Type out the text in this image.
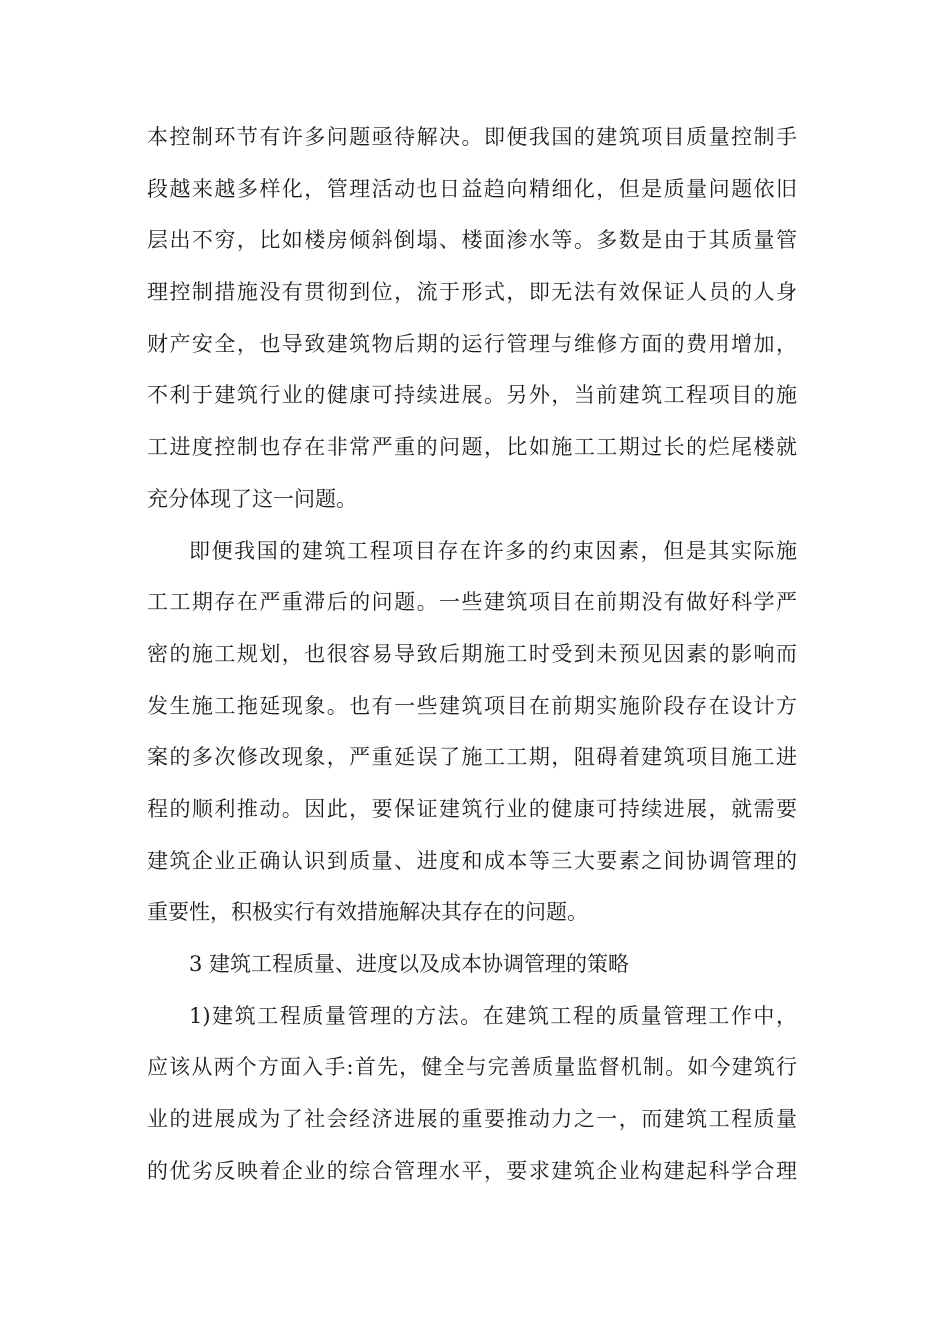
本控制环节有许多问题亟待解决。即便我国的建筑项目质量控制手
段越来越多样化，管理活动也日益趋向精细化，但是质量问题依旧
层出不穷，比如楼房倾斜倒塌、楼面渗水等。多数是由于其质量管
理控制措施没有贯彻到位，流于形式，即无法有效保证人员的人身
财产安全，也导致建筑物后期的运行管理与维修方面的费用增加，
不利于建筑行业的健康可持续进展。另外，当前建筑工程项目的施
工进度控制也存在非常严重的问题，比如施工工期过长的烂尾楼就
充分体现了这一问题。
即便我国的建筑工程项目存在许多的约束因素，但是其实际施
工工期存在严重滞后的问题。一些建筑项目在前期没有做好科学严
密的施工规划，也很容易导致后期施工时受到未预见因素的影响而
发生施工拖延现象。也有一些建筑项目在前期实施阶段存在设计方
案的多次修改现象，严重延误了施工工期，阻碍着建筑项目施工进
程的顺利推动。因此，要保证建筑行业的健康可持续进展，就需要
建筑企业正确认识到质量、进度和成本等三大要素之间协调管理的
重要性，积极实行有效措施解决其存在的问题。
3 建筑工程质量、进度以及成本协调管理的策略
1)建筑工程质量管理的方法。在建筑工程的质量管理工作中，
应该从两个方面入手:首先，健全与完善质量监督机制。如今建筑行
业的进展成为了社会经济进展的重要推动力之一，而建筑工程质量
的优劣反映着企业的综合管理水平，要求建筑企业构建起科学合理
